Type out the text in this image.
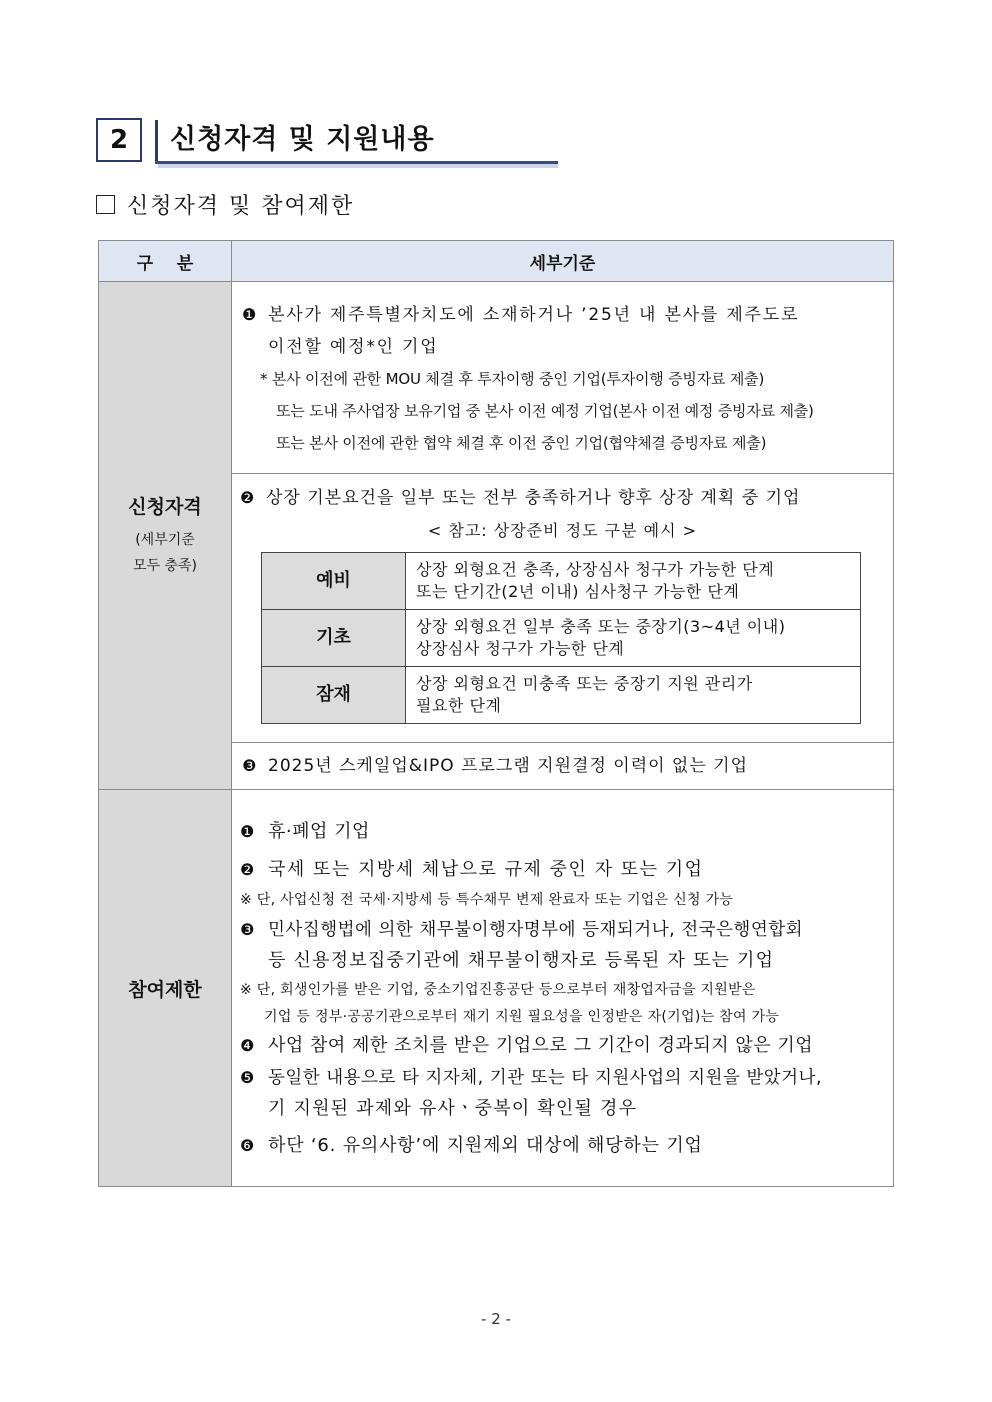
2	신청자격 및 지원내용
신청자격 및 참여제한
구    분	세부기준

신청자격
(세부기준
모두 충족)

❶ 본사가 제주특별자치도에 소재하거나 ’25년 내 본사를 제주도로
이전할 예정*인 기업
* 본사 이전에 관한 MOU 체결 후 투자이행 중인 기업(투자이행 증빙자료 제출)
또는 도내 주사업장 보유기업 중 본사 이전 예정 기업(본사 이전 예정 증빙자료 제출)
또는 본사 이전에 관한 협약 체결 후 이전 중인 기업(협약체결 증빙자료 제출)

❷ 상장 기본요건을 일부 또는 전부 충족하거나 향후 상장 계획 중 기업
< 참고: 상장준비 정도 구분 예시 >
예비	상장 외형요건 충족, 상장심사 청구가 가능한 단계
또는 단기간(2년 이내) 심사청구 가능한 단계
기초	상장 외형요건 일부 충족 또는 중장기(3~4년 이내)
상장심사 청구가 가능한 단계
잠재	상장 외형요건 미충족 또는 중장기 지원 관리가
필요한 단계

❸ 2025년 스케일업&IPO 프로그램 지원결정 이력이 없는 기업

참여제한

❶ 휴·폐업 기업
❷ 국세 또는 지방세 체납으로 규제 중인 자 또는 기업
※ 단, 사업신청 전 국세·지방세 등 특수채무 변제 완료자 또는 기업은 신청 가능
❸ 민사집행법에 의한 채무불이행자명부에 등재되거나, 전국은행연합회
등 신용정보집중기관에 채무불이행자로 등록된 자 또는 기업
※ 단, 회생인가를 받은 기업, 중소기업진흥공단 등으로부터 재창업자금을 지원받은
기업 등 정부·공공기관으로부터 재기 지원 필요성을 인정받은 자(기업)는 참여 가능
❹ 사업 참여 제한 조치를 받은 기업으로 그 기간이 경과되지 않은 기업
❺ 동일한 내용으로 타 지자체, 기관 또는 타 지원사업의 지원을 받았거나,
기 지원된 과제와 유사ㆍ중복이 확인될 경우
❻ 하단 ‘6. 유의사항’에 지원제외 대상에 해당하는 기업
- 2 -
